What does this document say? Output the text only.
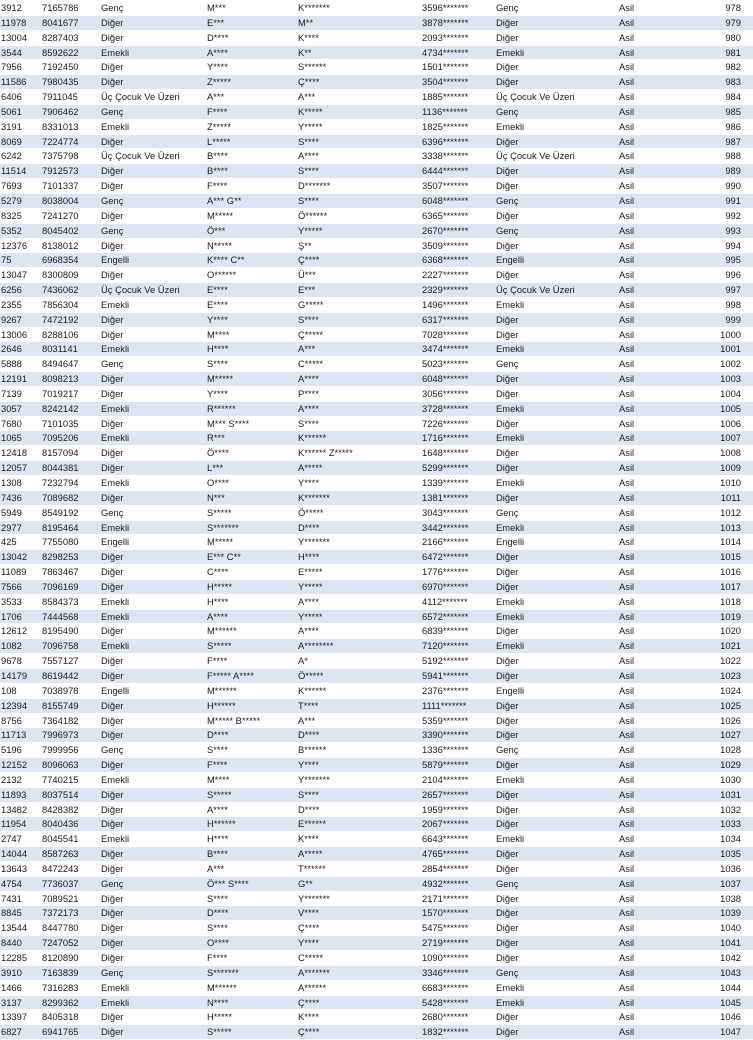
3912	7165786	Genç	M***	K*******	3596*******	Genç	Asil	978
11978	8041677	Diğer	E***	M**	3878*******	Diğer	Asil	979
13004	8287403	Diğer	D****	K****	2093*******	Diğer	Asil	980
3544	8592622	Emekli	A****	K**	4734*******	Emekli	Asil	981
7956	7192450	Diğer	Y****	S******	1501*******	Diğer	Asil	982
11586	7980435	Diğer	Z*****	Ç****	3504*******	Diğer	Asil	983
6406	7911045	Üç Çocuk Ve Üzeri	A***	A***	1885*******	Üç Çocuk Ve Üzeri	Asil	984
5061	7906462	Genç	F****	K*****	1136*******	Genç	Asil	985
3191	8331013	Emekli	Z*****	Y*****	1825*******	Emekli	Asil	986
8069	7224774	Diğer	L*****	S****	6396*******	Diğer	Asil	987
6242	7375798	Üç Çocuk Ve Üzeri	B****	A****	3338*******	Üç Çocuk Ve Üzeri	Asil	988
11514	7912573	Diğer	B****	S****	6444*******	Diğer	Asil	989
7693	7101337	Diğer	F****	D*******	3507*******	Diğer	Asil	990
5279	8038004	Genç	A*** G**	S****	6048*******	Genç	Asil	991
8325	7241270	Diğer	M*****	Ö******	6365*******	Diğer	Asil	992
5352	8045402	Genç	Ö***	Y*****	2670*******	Genç	Asil	993
12376	8138012	Diğer	N*****	Ş**	3509*******	Diğer	Asil	994
75	6968354	Engelli	K**** C**	Ç****	6368*******	Engelli	Asil	995
13047	8300809	Diğer	O******	Ü***	2227*******	Diğer	Asil	996
6256	7436062	Üç Çocuk Ve Üzeri	E****	E***	2329*******	Üç Çocuk Ve Üzeri	Asil	997
2355	7856304	Emekli	E****	G*****	1496*******	Emekli	Asil	998
9267	7472192	Diğer	Y****	S****	6317*******	Diğer	Asil	999
13006	8288106	Diğer	M****	Ç*****	7028*******	Diğer	Asil	1000
2646	8031141	Emekli	H****	A***	3474*******	Emekli	Asil	1001
5888	8494647	Genç	S****	C*****	5023*******	Genç	Asil	1002
12191	8098213	Diğer	M*****	A****	6048*******	Diğer	Asil	1003
7139	7019217	Diğer	Y****	P****	3056*******	Diğer	Asil	1004
3057	8242142	Emekli	R******	A****	3728*******	Emekli	Asil	1005
7680	7101035	Diğer	M*** S****	S****	7226*******	Diğer	Asil	1006
1065	7095206	Emekli	R***	K******	1716*******	Emekli	Asil	1007
12418	8157094	Diğer	Ö****	K****** Z*****	1648*******	Diğer	Asil	1008
12057	8044381	Diğer	L***	A*****	5299*******	Diğer	Asil	1009
1308	7232794	Emekli	O****	Y****	1339*******	Emekli	Asil	1010
7436	7089682	Diğer	N***	K*******	1381*******	Diğer	Asil	1011
5949	8549192	Genç	S*****	Ö*****	3043*******	Genç	Asil	1012
2977	8195464	Emekli	S*******	D****	3442*******	Emekli	Asil	1013
425	7755080	Engelli	M*****	Y*******	2166*******	Engelli	Asil	1014
13042	8298253	Diğer	E*** C**	H****	6472*******	Diğer	Asil	1015
11089	7863467	Diğer	C****	E*****	1776*******	Diğer	Asil	1016
7566	7096169	Diğer	H*****	Y*****	6970*******	Diğer	Asil	1017
3533	8584373	Emekli	H****	A****	4112*******	Emekli	Asil	1018
1706	7444568	Emekli	A****	Y*****	6572*******	Emekli	Asil	1019
12612	8195490	Diğer	M******	A****	6839*******	Diğer	Asil	1020
1082	7096758	Emekli	S*****	A********	7120*******	Emekli	Asil	1021
9678	7557127	Diğer	F****	A*	5192*******	Diğer	Asil	1022
14179	8619442	Diğer	F***** A****	Ö*****	5941*******	Diğer	Asil	1023
108	7038978	Engelli	M******	K******	2376*******	Engelli	Asil	1024
12394	8155749	Diğer	H******	T****	1111*******	Diğer	Asil	1025
8756	7364182	Diğer	M***** B*****	A***	5359*******	Diğer	Asil	1026
11713	7996973	Diğer	D****	D****	3390*******	Diğer	Asil	1027
5196	7999956	Genç	S****	B******	1336*******	Genç	Asil	1028
12152	8096063	Diğer	F****	Y****	5879*******	Diğer	Asil	1029
2132	7740215	Emekli	M****	Y*******	2104*******	Emekli	Asil	1030
11893	8037514	Diğer	S*****	S****	2657*******	Diğer	Asil	1031
13482	8428382	Diğer	A****	D****	1959*******	Diğer	Asil	1032
11954	8040436	Diğer	H******	E******	2067*******	Diğer	Asil	1033
2747	8045541	Emekli	H****	K****	6643*******	Emekli	Asil	1034
14044	8587263	Diğer	B****	A*****	4765*******	Diğer	Asil	1035
13643	8472243	Diğer	A***	T******	2854*******	Diğer	Asil	1036
4754	7736037	Genç	Ö*** S****	G**	4932*******	Genç	Asil	1037
7431	7089521	Diğer	S****	Y*******	2171*******	Diğer	Asil	1038
8845	7372173	Diğer	D****	V****	1570*******	Diğer	Asil	1039
13544	8447780	Diğer	S****	Ç****	5475*******	Diğer	Asil	1040
8440	7247052	Diğer	O****	Y****	2719*******	Diğer	Asil	1041
12285	8120890	Diğer	F****	C*****	1090*******	Diğer	Asil	1042
3910	7163839	Genç	S*******	A*******	3346*******	Genç	Asil	1043
1466	7316283	Emekli	M******	A******	6683*******	Emekli	Asil	1044
3137	8299362	Emekli	N****	Ç****	5428*******	Emekli	Asil	1045
13397	8405318	Diğer	H*****	K****	2680*******	Diğer	Asil	1046
6827	6941765	Diğer	S*****	Ç****	1832*******	Diğer	Asil	1047
